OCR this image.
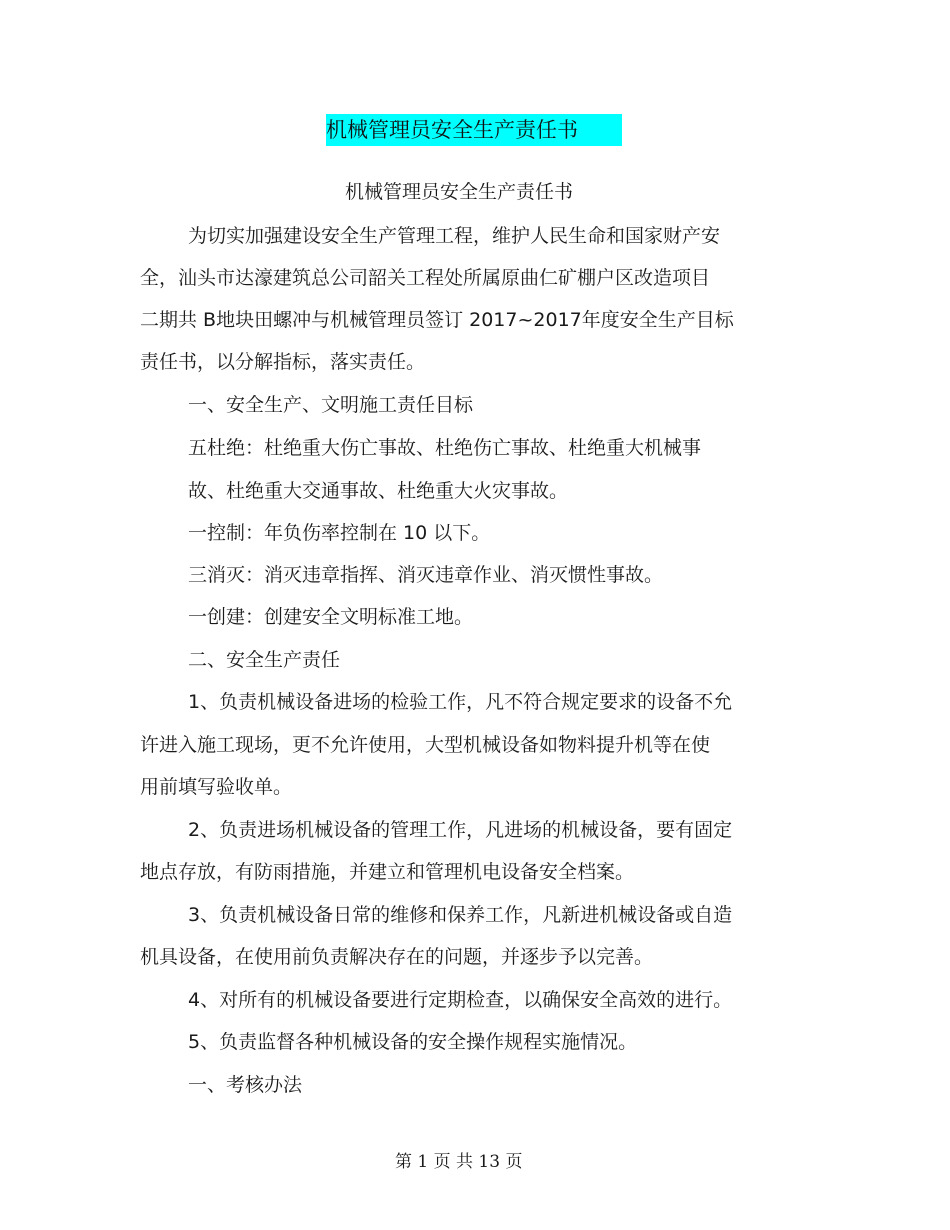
机械管理员安全生产责任书
机械管理员安全生产责任书
为切实加强建设安全生产管理工程，维护人民生命和国家财产安
全，汕头市达濠建筑总公司韶关工程处所属原曲仁矿棚户区改造项目
二期共 B地块田螺冲与机械管理员签订 2017~2017年度安全生产目标
责任书，以分解指标，落实责任。
一、安全生产、文明施工责任目标
五杜绝：杜绝重大伤亡事故、杜绝伤亡事故、杜绝重大机械事
故、杜绝重大交通事故、杜绝重大火灾事故。
一控制：年负伤率控制在 10 以下。
三消灭：消灭违章指挥、消灭违章作业、消灭惯性事故。
一创建：创建安全文明标准工地。
二、安全生产责任
1、负责机械设备进场的检验工作，凡不符合规定要求的设备不允
许进入施工现场，更不允许使用，大型机械设备如物料提升机等在使
用前填写验收单。
2、负责进场机械设备的管理工作，凡进场的机械设备，要有固定
地点存放，有防雨措施，并建立和管理机电设备安全档案。
3、负责机械设备日常的维修和保养工作，凡新进机械设备或自造
机具设备，在使用前负责解决存在的问题，并逐步予以完善。
4、对所有的机械设备要进行定期检查，以确保安全高效的进行。
5、负责监督各种机械设备的安全操作规程实施情况。
一、考核办法
第 1 页 共 13 页
